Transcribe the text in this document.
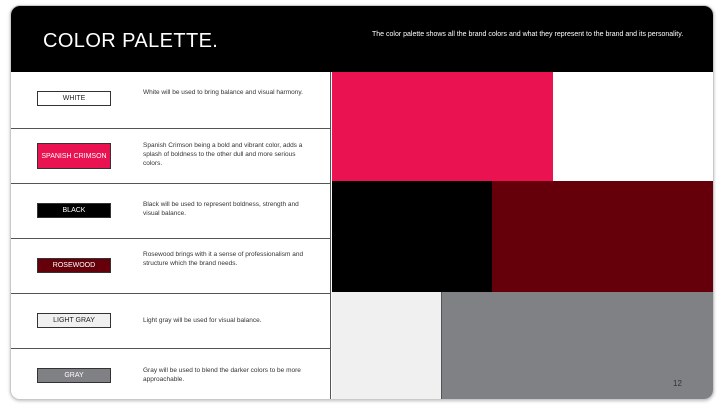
COLOR PALETTE.	The color palette shows all the brand colors and what they represent to the brand and its personality.
WHITE
White will be used to bring balance and visual harmony.
SPANISH CRIMSON
Spanish Crimson being a bold and vibrant color, adds a splash of boldness to the other dull and more serious colors.
BLACK
Black will be used to represent boldness, strength and visual balance.
ROSEWOOD
Rosewood brings with it a sense of professionalism and structure which the brand needs.
LIGHT GRAY	Light gray will be used for visual balance.
GRAY
Gray will be used to blend the darker colors to be more approachable.	12
